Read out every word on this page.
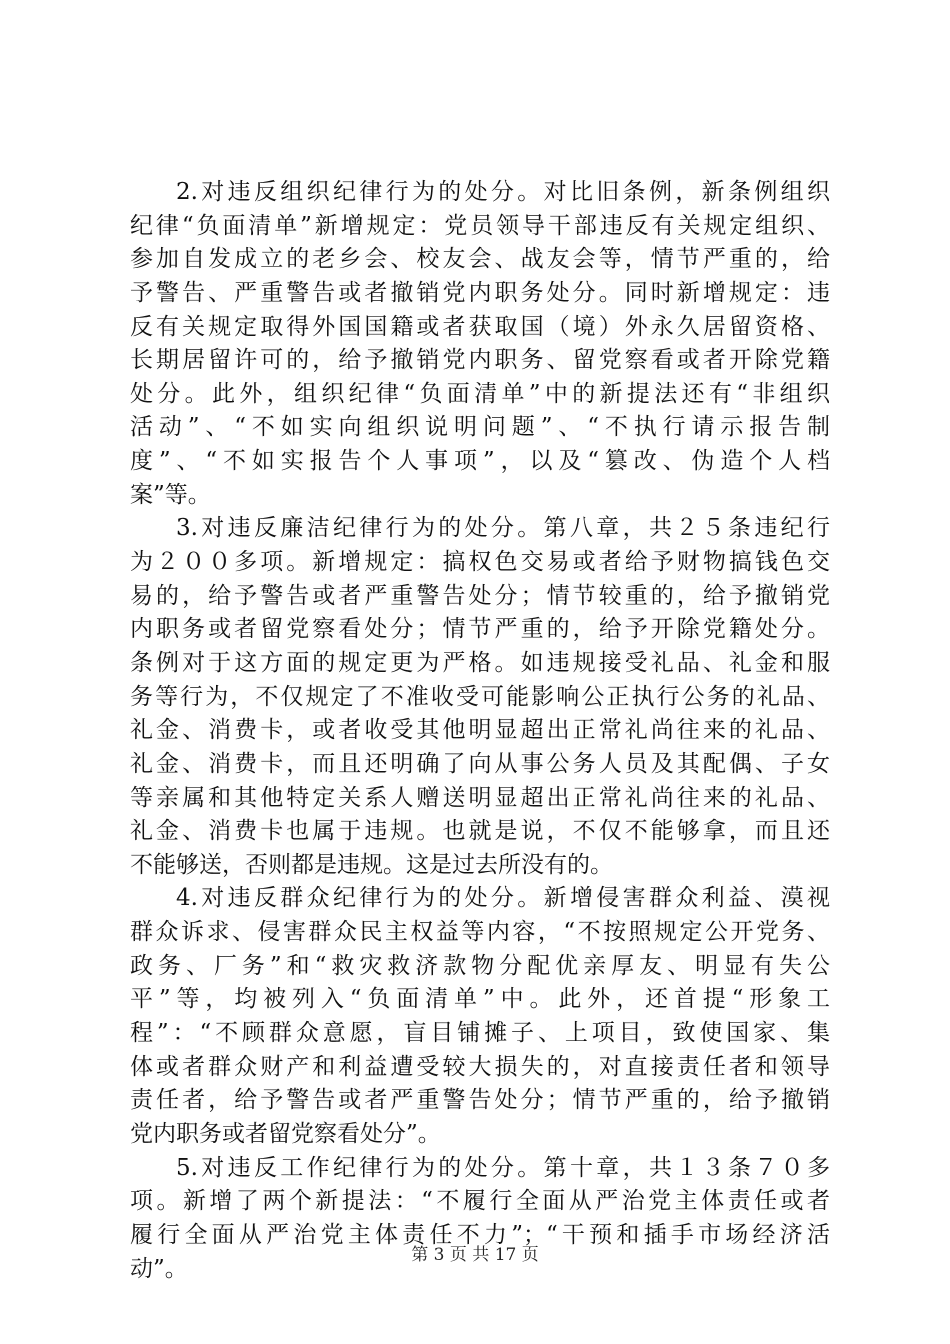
2.对违反组织纪律行为的处分。对比旧条例，新条例组织
纪律“负面清单”新增规定：党员领导干部违反有关规定组织、
参加自发成立的老乡会、校友会、战友会等，情节严重的，给
予警告、严重警告或者撤销党内职务处分。同时新增规定：违
反有关规定取得外国国籍或者获取国（境）外永久居留资格、
长期居留许可的，给予撤销党内职务、留党察看或者开除党籍
处分。此外，组织纪律“负面清单”中的新提法还有“非组织
活动”、“不如实向组织说明问题”、“不执行请示报告制
度”、“不如实报告个人事项”，以及“篡改、伪造个人档
案”等。
3.对违反廉洁纪律行为的处分。第八章，共２５条违纪行
为２００多项。新增规定：搞权色交易或者给予财物搞钱色交
易的，给予警告或者严重警告处分；情节较重的，给予撤销党
内职务或者留党察看处分；情节严重的，给予开除党籍处分。
条例对于这方面的规定更为严格。如违规接受礼品、礼金和服
务等行为，不仅规定了不准收受可能影响公正执行公务的礼品、
礼金、消费卡，或者收受其他明显超出正常礼尚往来的礼品、
礼金、消费卡，而且还明确了向从事公务人员及其配偶、子女
等亲属和其他特定关系人赠送明显超出正常礼尚往来的礼品、
礼金、消费卡也属于违规。也就是说，不仅不能够拿，而且还
不能够送，否则都是违规。这是过去所没有的。
4.对违反群众纪律行为的处分。新增侵害群众利益、漠视
群众诉求、侵害群众民主权益等内容，“不按照规定公开党务、
政务、厂务”和“救灾救济款物分配优亲厚友、明显有失公
平”等，均被列入“负面清单”中。此外，还首提“形象工
程”：“不顾群众意愿，盲目铺摊子、上项目，致使国家、集
体或者群众财产和利益遭受较大损失的，对直接责任者和领导
责任者，给予警告或者严重警告处分；情节严重的，给予撤销
党内职务或者留党察看处分”。
5.对违反工作纪律行为的处分。第十章，共１３条７０多
项。新增了两个新提法：“不履行全面从严治党主体责任或者
履行全面从严治党主体责任不力”；“干预和插手市场经济活
动”。
第 3 页 共 17 页
